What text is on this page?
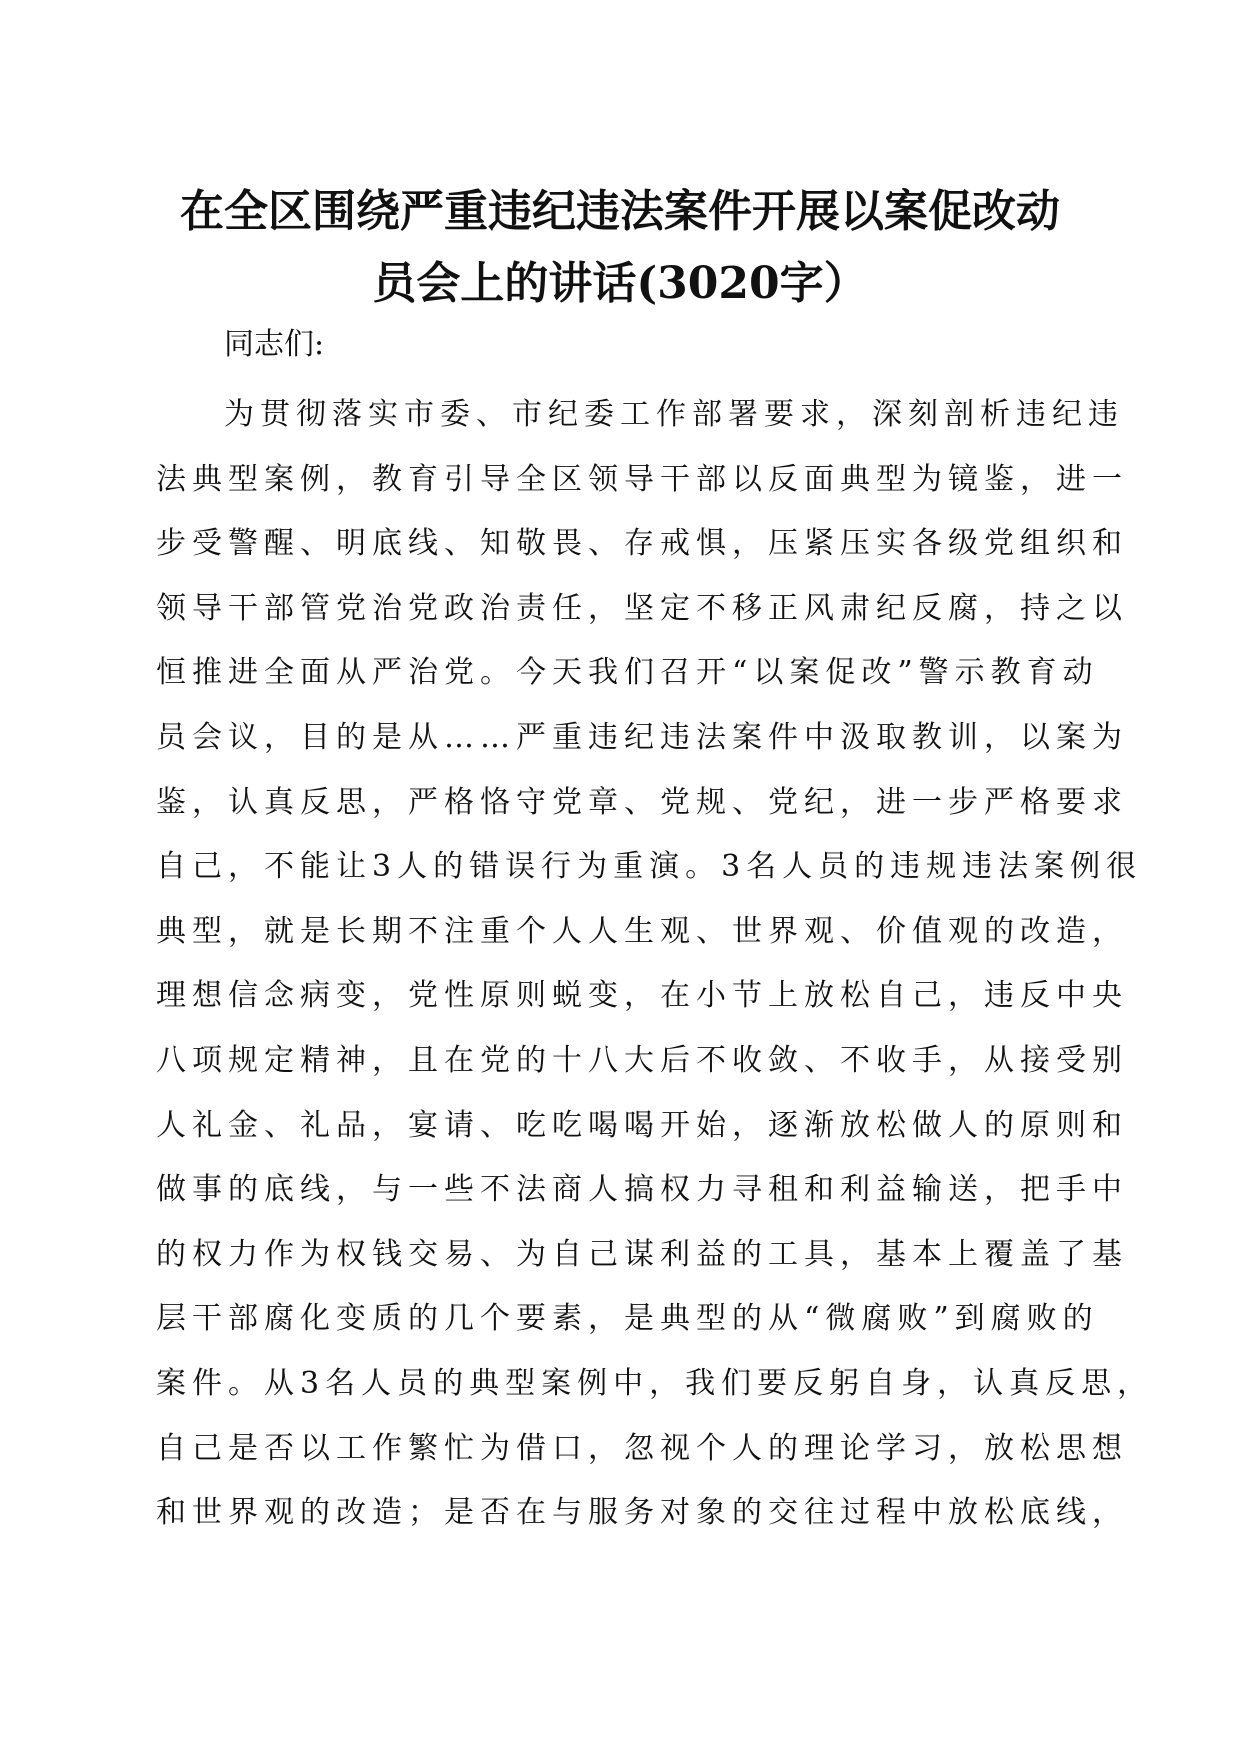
在全区围绕严重违纪违法案件开展以案促改动
员会上的讲话(3020字）
同志们:
为贯彻落实市委、市纪委工作部署要求，深刻剖析违纪违
法典型案例，教育引导全区领导干部以反面典型为镜鉴，进一
步受警醒、明底线、知敬畏、存戒惧，压紧压实各级党组织和
领导干部管党治党政治责任，坚定不移正风肃纪反腐，持之以
恒推进全面从严治党。今天我们召开“以案促改”警示教育动
员会议，目的是从……严重违纪违法案件中汲取教训，以案为
鉴，认真反思，严格恪守党章、党规、党纪，进一步严格要求
自己，不能让3人的错误行为重演。3名人员的违规违法案例很
典型，就是长期不注重个人人生观、世界观、价值观的改造，
理想信念病变，党性原则蜕变，在小节上放松自己，违反中央
八项规定精神，且在党的十八大后不收敛、不收手，从接受别
人礼金、礼品，宴请、吃吃喝喝开始，逐渐放松做人的原则和
做事的底线，与一些不法商人搞权力寻租和利益输送，把手中
的权力作为权钱交易、为自己谋利益的工具，基本上覆盖了基
层干部腐化变质的几个要素，是典型的从“微腐败”到腐败的
案件。从3名人员的典型案例中，我们要反躬自身，认真反思，
自己是否以工作繁忙为借口，忽视个人的理论学习，放松思想
和世界观的改造；是否在与服务对象的交往过程中放松底线，
